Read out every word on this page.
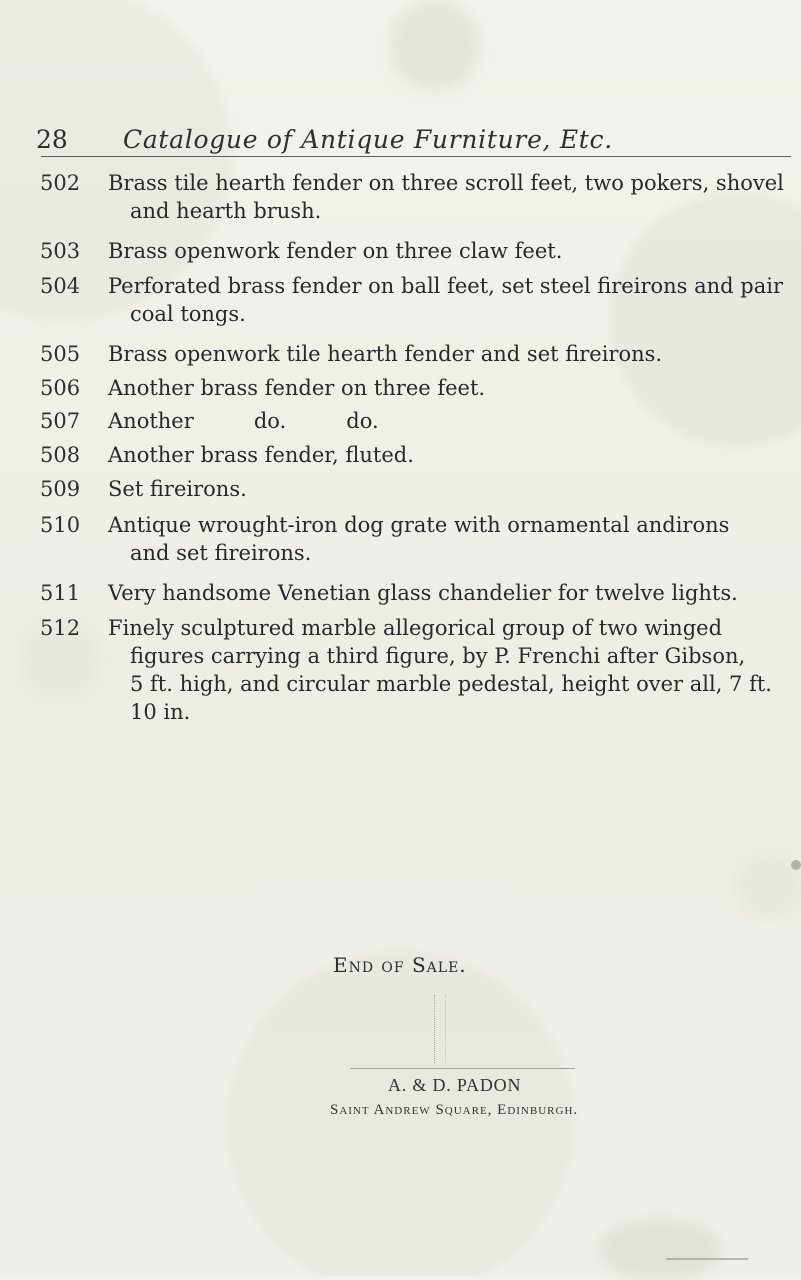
28 Catalogue of Antique Furniture, Etc.
502 Brass tile hearth fender on three scroll feet, two pokers, shovel
and hearth brush.
503 Brass openwork fender on three claw feet.
504 Perforated brass fender on ball feet, set steel fireirons and pair
coal tongs.
505 Brass openwork tile hearth fender and set fireirons.
506 Another brass fender on three feet.
507 Another         do.         do.
508 Another brass fender, fluted.
509 Set fireirons.
510 Antique wrought-iron dog grate with ornamental andirons
and set fireirons.
511 Very handsome Venetian glass chandelier for twelve lights.
512 Finely sculptured marble allegorical group of two winged
figures carrying a third figure, by P. Frenchi after Gibson,
5 ft. high, and circular marble pedestal, height over all, 7 ft.
10 in.
End of Sale.
A. & D. PADON
Saint Andrew Square, Edinburgh.
